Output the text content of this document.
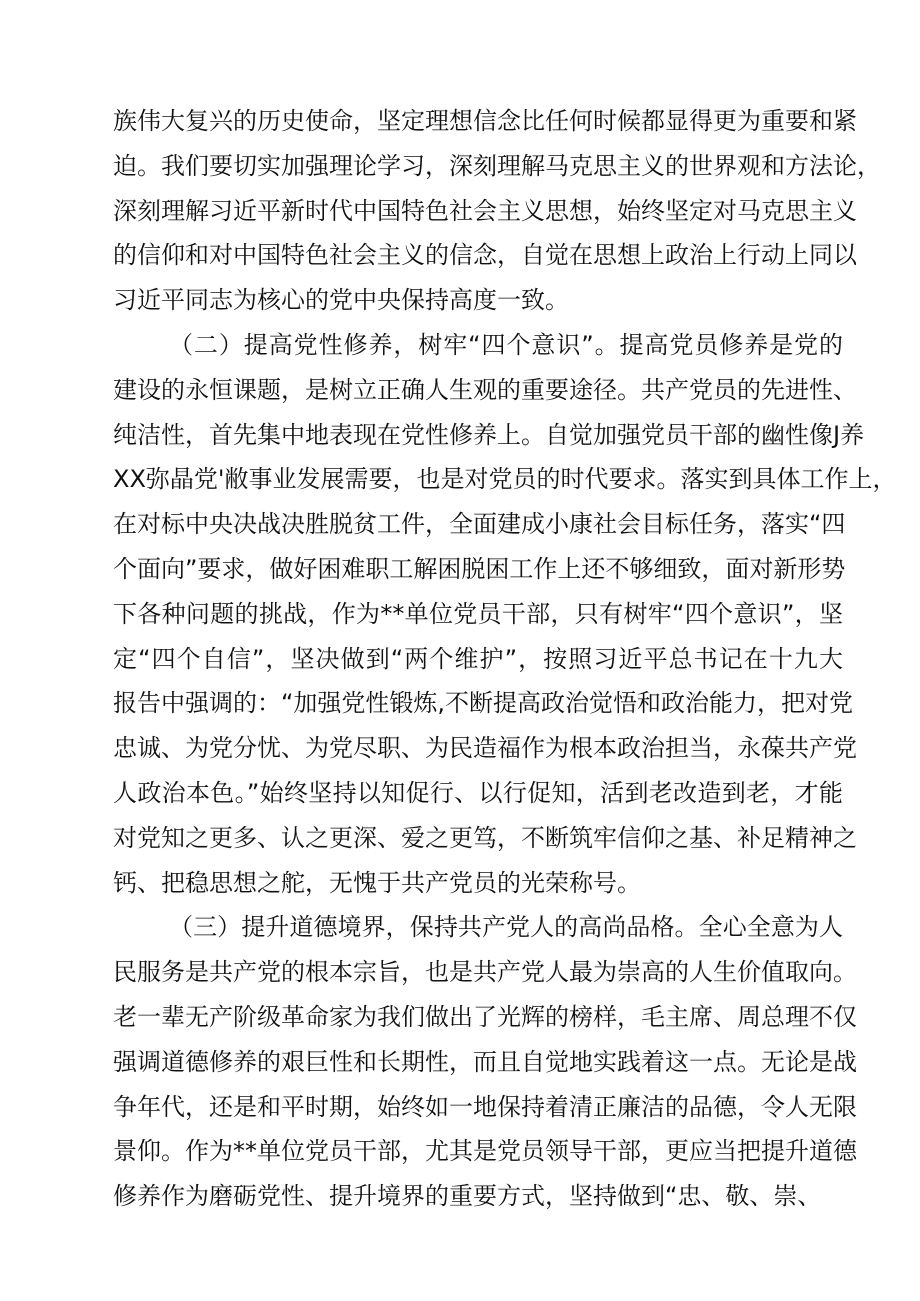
族伟大复兴的历史使命，坚定理想信念比任何时候都显得更为重要和紧
迫。我们要切实加强理论学习，深刻理解马克思主义的世界观和方法论，
深刻理解习近平新时代中国特色社会主义思想，始终坚定对马克思主义
的信仰和对中国特色社会主义的信念，自觉在思想上政治上行动上同以
习近平同志为核心的党中央保持高度一致。
（二）提高党性修养，树牢“四个意识”。提高党员修养是党的
建设的永恒课题，是树立正确人生观的重要途径。共产党员的先进性、
纯洁性，首先集中地表现在党性修养上。自觉加强党员干部的幽性像J养
XX弥晶党'敝事业发展需要，也是对党员的时代要求。落实到具体工作上，
在对标中央决战决胜脱贫工件，全面建成小康社会目标任务，落实“四
个面向”要求，做好困难职工解困脱困工作上还不够细致，面对新形势
下各种问题的挑战，作为**单位党员干部，只有树牢“四个意识”，坚
定“四个自信”，坚决做到“两个维护”，按照习近平总书记在十九大
报告中强调的：“加强党性锻炼,不断提高政治觉悟和政治能力，把对党
忠诚、为党分忧、为党尽职、为民造福作为根本政治担当，永葆共产党
人政治本色。”始终坚持以知促行、以行促知，活到老改造到老，才能
对党知之更多、认之更深、爱之更笃，不断筑牢信仰之基、补足精神之
钙、把稳思想之舵，无愧于共产党员的光荣称号。
（三）提升道德境界，保持共产党人的高尚品格。全心全意为人
民服务是共产党的根本宗旨，也是共产党人最为崇高的人生价值取向。
老一辈无产阶级革命家为我们做出了光辉的榜样，毛主席、周总理不仅
强调道德修养的艰巨性和长期性，而且自觉地实践着这一点。无论是战
争年代，还是和平时期，始终如一地保持着清正廉洁的品德，令人无限
景仰。作为**单位党员干部，尤其是党员领导干部，更应当把提升道德
修养作为磨砺党性、提升境界的重要方式，坚持做到“忠、敬、崇、
